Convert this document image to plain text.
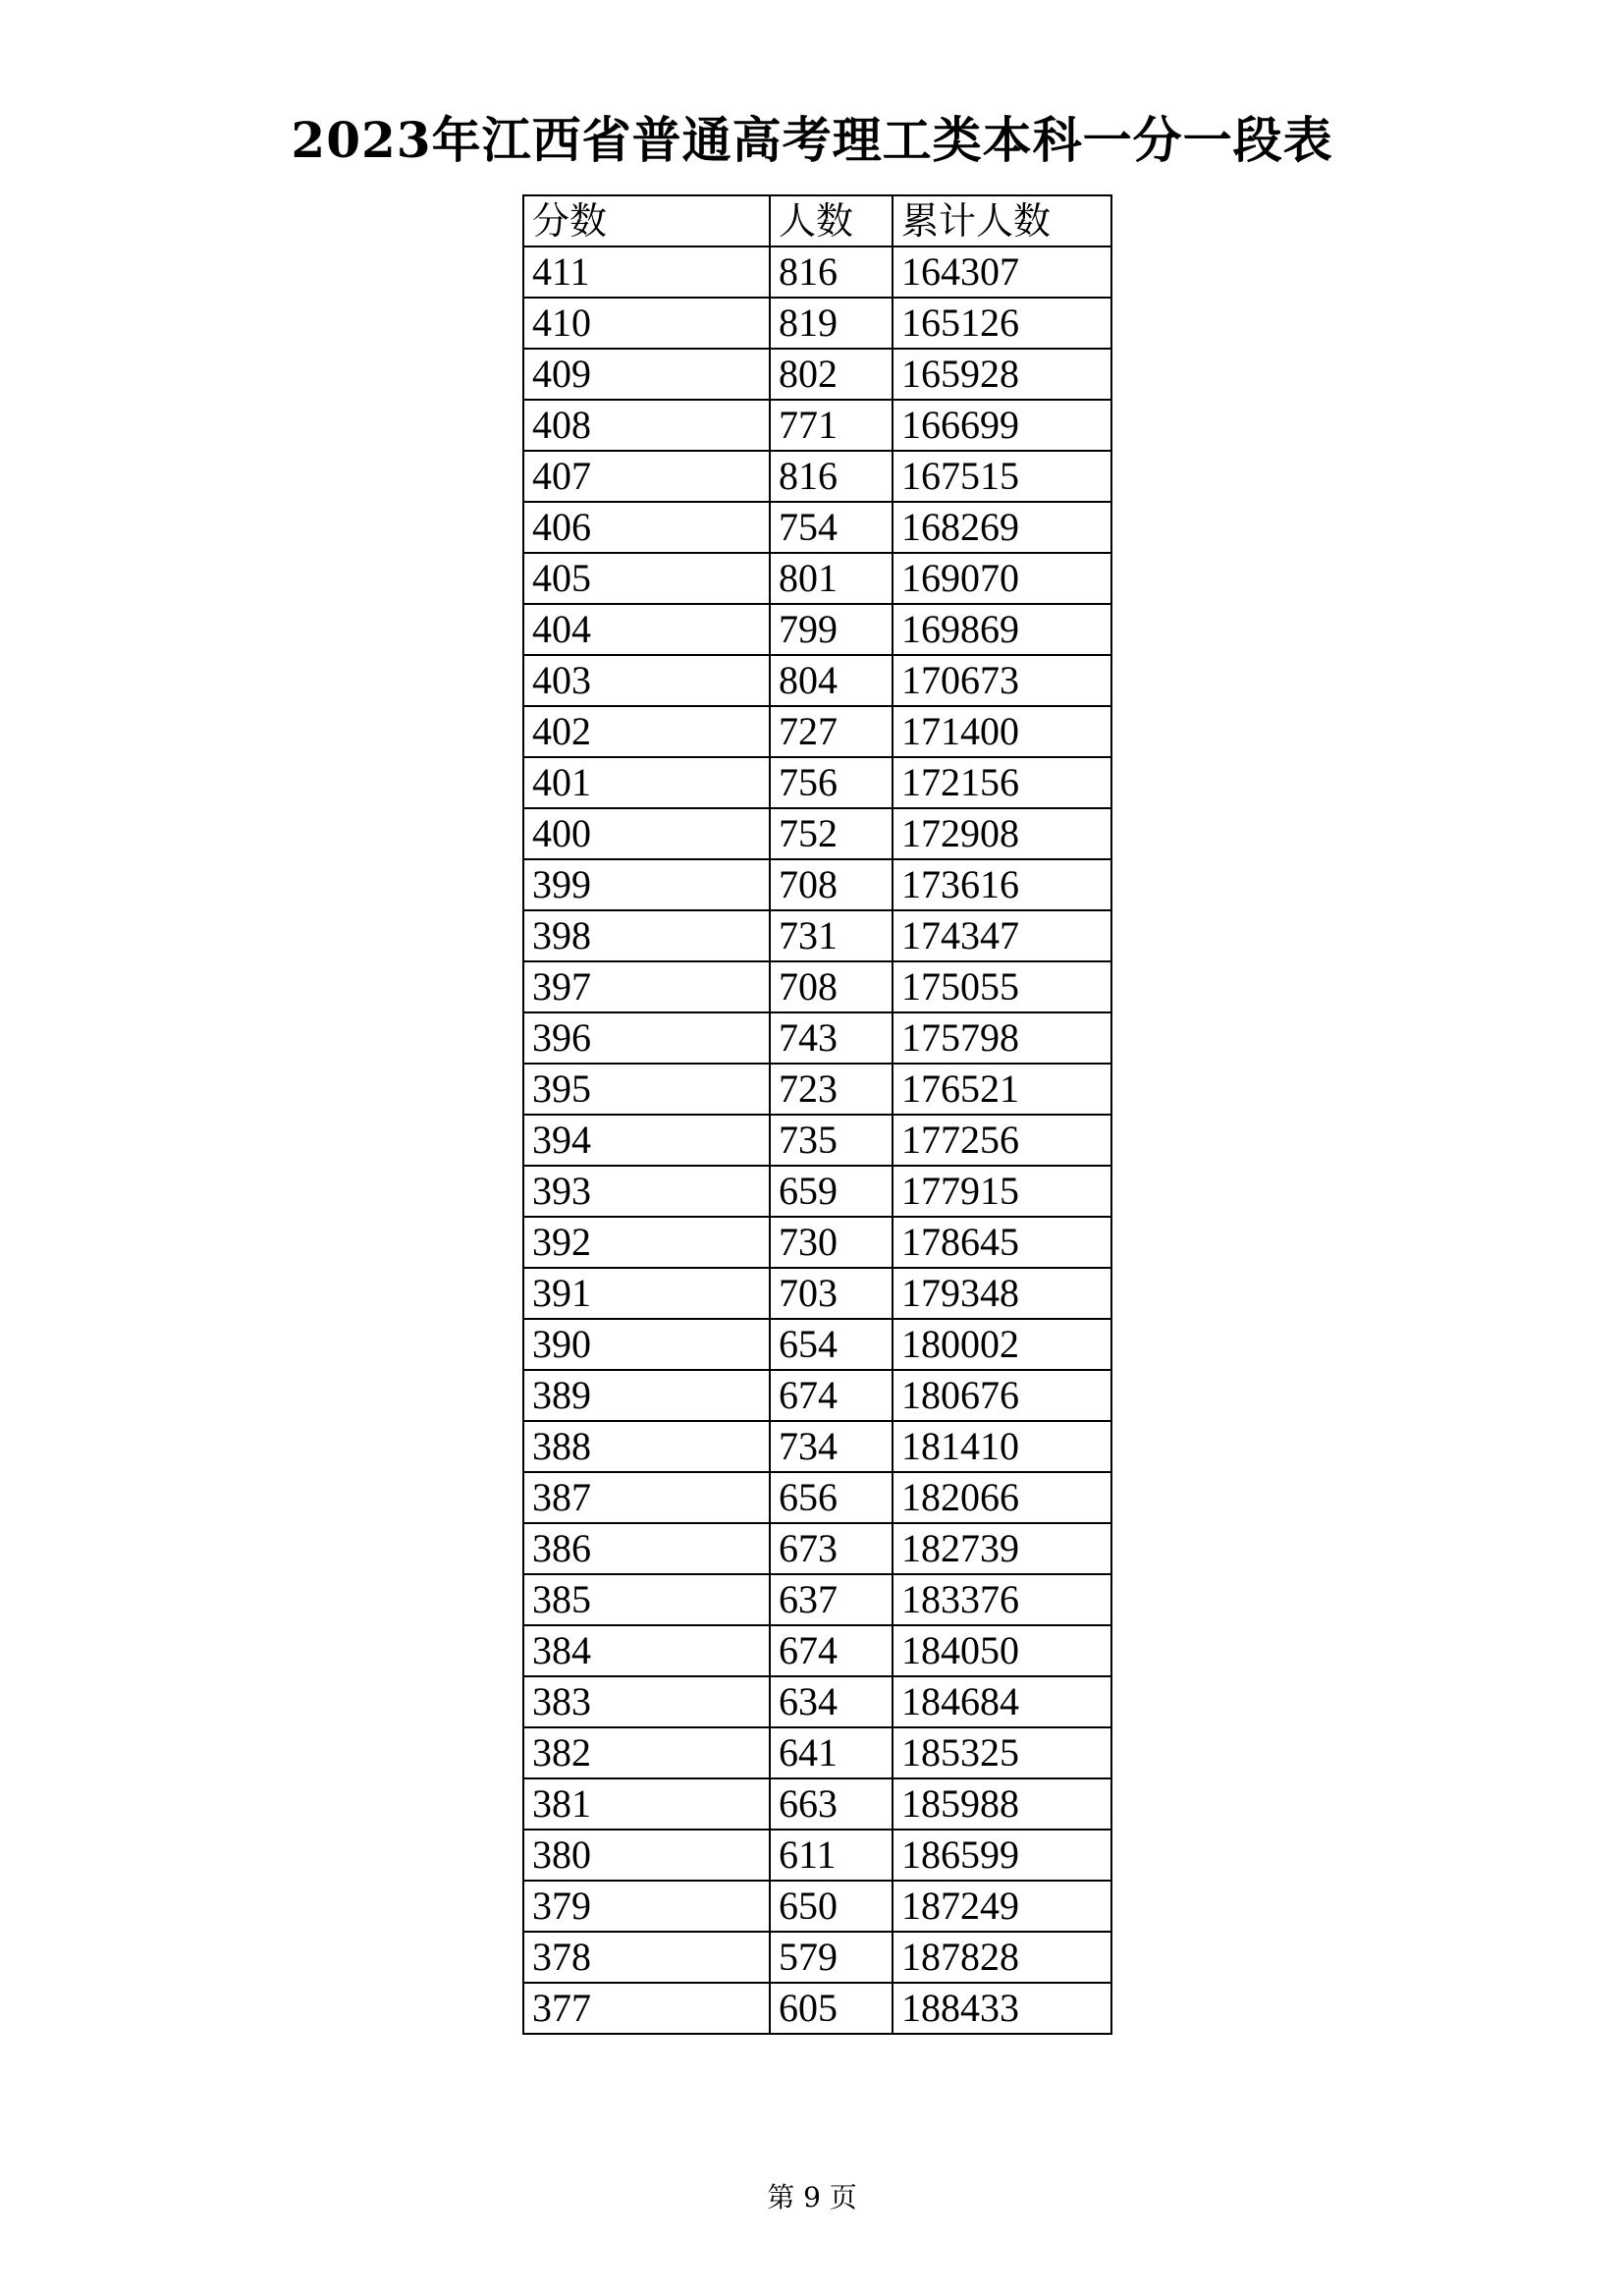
2023年江西省普通高考理工类本科一分一段表
分数	人数	累计人数
411	816	164307
410	819	165126
409	802	165928
408	771	166699
407	816	167515
406	754	168269
405	801	169070
404	799	169869
403	804	170673
402	727	171400
401	756	172156
400	752	172908
399	708	173616
398	731	174347
397	708	175055
396	743	175798
395	723	176521
394	735	177256
393	659	177915
392	730	178645
391	703	179348
390	654	180002
389	674	180676
388	734	181410
387	656	182066
386	673	182739
385	637	183376
384	674	184050
383	634	184684
382	641	185325
381	663	185988
380	611	186599
379	650	187249
378	579	187828
377	605	188433
第 9 页
